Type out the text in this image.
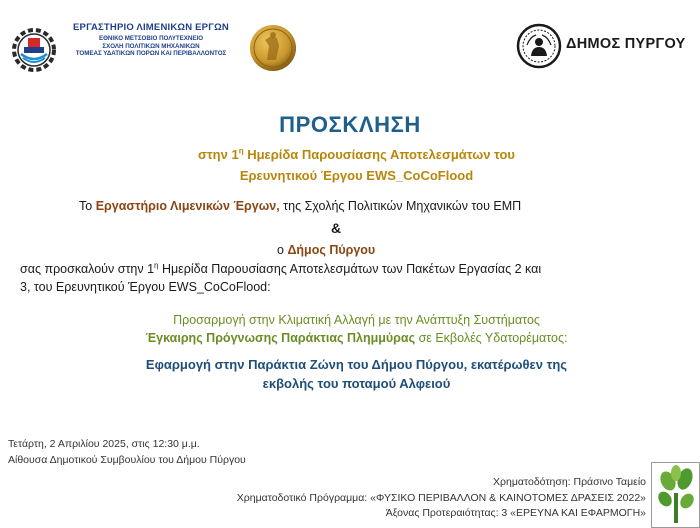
ΕΡΓΑΣΤΗΡΙΟ ΛΙΜΕΝΙΚΩΝ ΕΡΓΩΝ
ΕΘΝΙΚΟ ΜΕΤΣΟΒΙΟ ΠΟΛΥΤΕΧΝΕΙΟ
ΣΧΟΛΗ ΠΟΛΙΤΙΚΩΝ ΜΗΧΑΝΙΚΩΝ
ΤΟΜΕΑΣ ΥΔΑΤΙΚΩΝ ΠΟΡΩΝ ΚΑΙ ΠΕΡΙΒΑΛΛΟΝΤΟΣ
ΔΗΜΟΣ ΠΥΡΓΟΥ
ΠΡΟΣΚΛΗΣΗ
στην $1^\eta$ Ημερίδα Παρουσίασης Αποτελεσμάτων του
Ερευνητικού Έργου EWS_CoCoFlood
Το Εργαστήριο Λιμενικών Έργων, της Σχολής Πολιτικών Μηχανικών του ΕΜΠ
&
ο Δήμος Πύργου
σας προσκαλούν στην $1^\eta$ Ημερίδα Παρουσίασης Αποτελεσμάτων των Πακέτων Εργασίας 2 και
3, του Ερευνητικού Έργου EWS_CoCoFlood:
Προσαρμογή στην Κλιματική Αλλαγή με την Ανάπτυξη Συστήματος
Έγκαιρης Πρόγνωσης Παράκτιας Πλημμύρας σε Εκβολές Υδατορέματος:
Εφαρμογή στην Παράκτια Ζώνη του Δήμου Πύργου, εκατέρωθεν της
εκβολής του ποταμού Αλφειού
Τετάρτη, 2 Απριλίου 2025, στις 12:30 μ.μ.
Αίθουσα Δημοτικού Συμβουλίου του Δήμου Πύργου
Χρηματοδότηση: Πράσινο Ταμείο
Χρηματοδοτικό Πρόγραμμα: «ΦΥΣΙΚΟ ΠΕΡΙΒΑΛΛΟΝ & ΚΑΙΝΟΤΟΜΕΣ ΔΡΑΣΕΙΣ 2022»
Άξονας Προτεραιότητας: 3 «ΕΡΕΥΝΑ ΚΑΙ ΕΦΑΡΜΟΓΗ»
